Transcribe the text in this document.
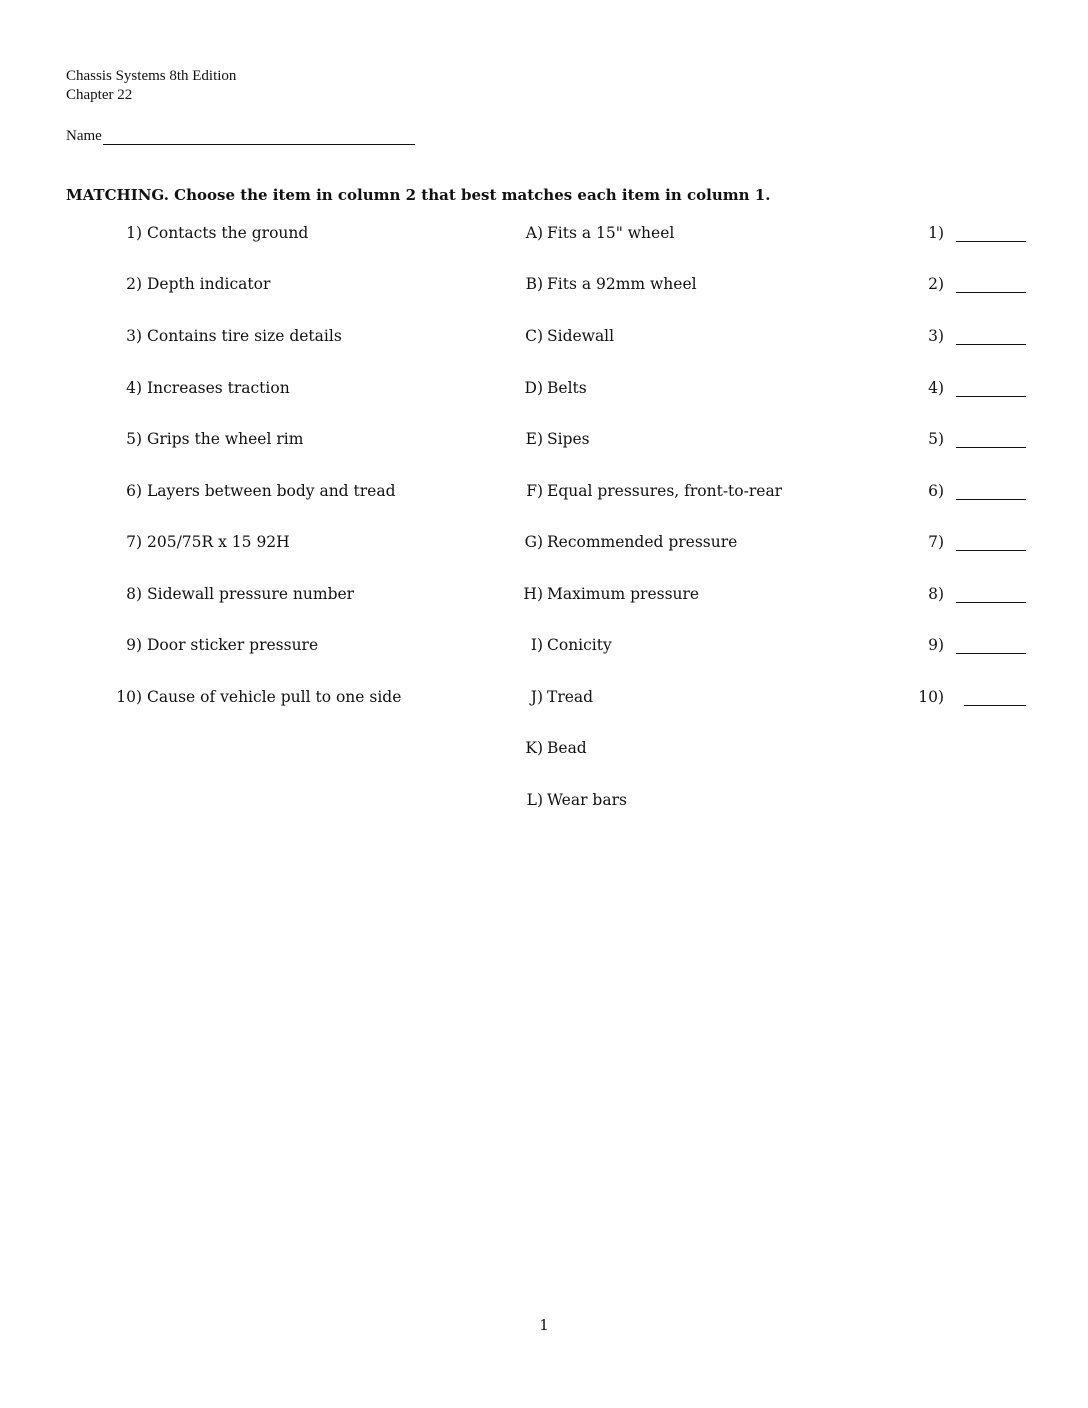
Chassis Systems 8th Edition
Chapter 22
Name
MATCHING. Choose the item in column 2 that best matches each item in column 1.
1) Contacts the ground	A) Fits a 15" wheel	1)
2) Depth indicator	B) Fits a 92mm wheel	2)
3) Contains tire size details	C) Sidewall	3)
4) Increases traction	D) Belts	4)
5) Grips the wheel rim	E) Sipes	5)
6) Layers between body and tread	F) Equal pressures, front-to-rear	6)
7) 205/75R x 15 92H	G) Recommended pressure	7)
8) Sidewall pressure number	H) Maximum pressure	8)
9) Door sticker pressure	I) Conicity	9)
10) Cause of vehicle pull to one side	J) Tread	10)
K) Bead
L) Wear bars
1
